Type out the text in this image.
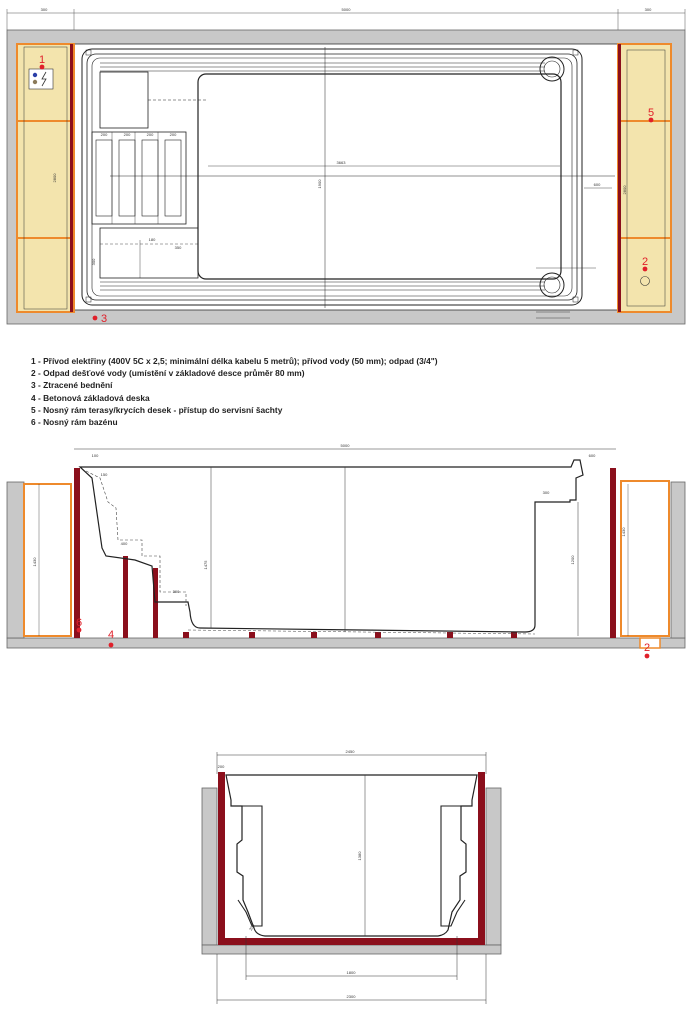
300	5000	300
2800
2800
200	200	200	200
180
350
300
3663
1900	600
1
5
2
3
1430
1430
5000
100	600
1475
1200
150
400
300
300
6
4
2
2450
200
1380
200
1800
2300
1 - Přívod elektřiny (400V 5C x 2,5; minimální délka kabelu 5 metrů); přívod vody (50 mm); odpad (3/4")
2 - Odpad dešťové vody (umístění v základové desce průměr 80 mm)
3 - Ztracené bednění
4 - Betonová základová deska
5 - Nosný rám terasy/krycích desek - přístup do servisní šachty
6 - Nosný rám bazénu
